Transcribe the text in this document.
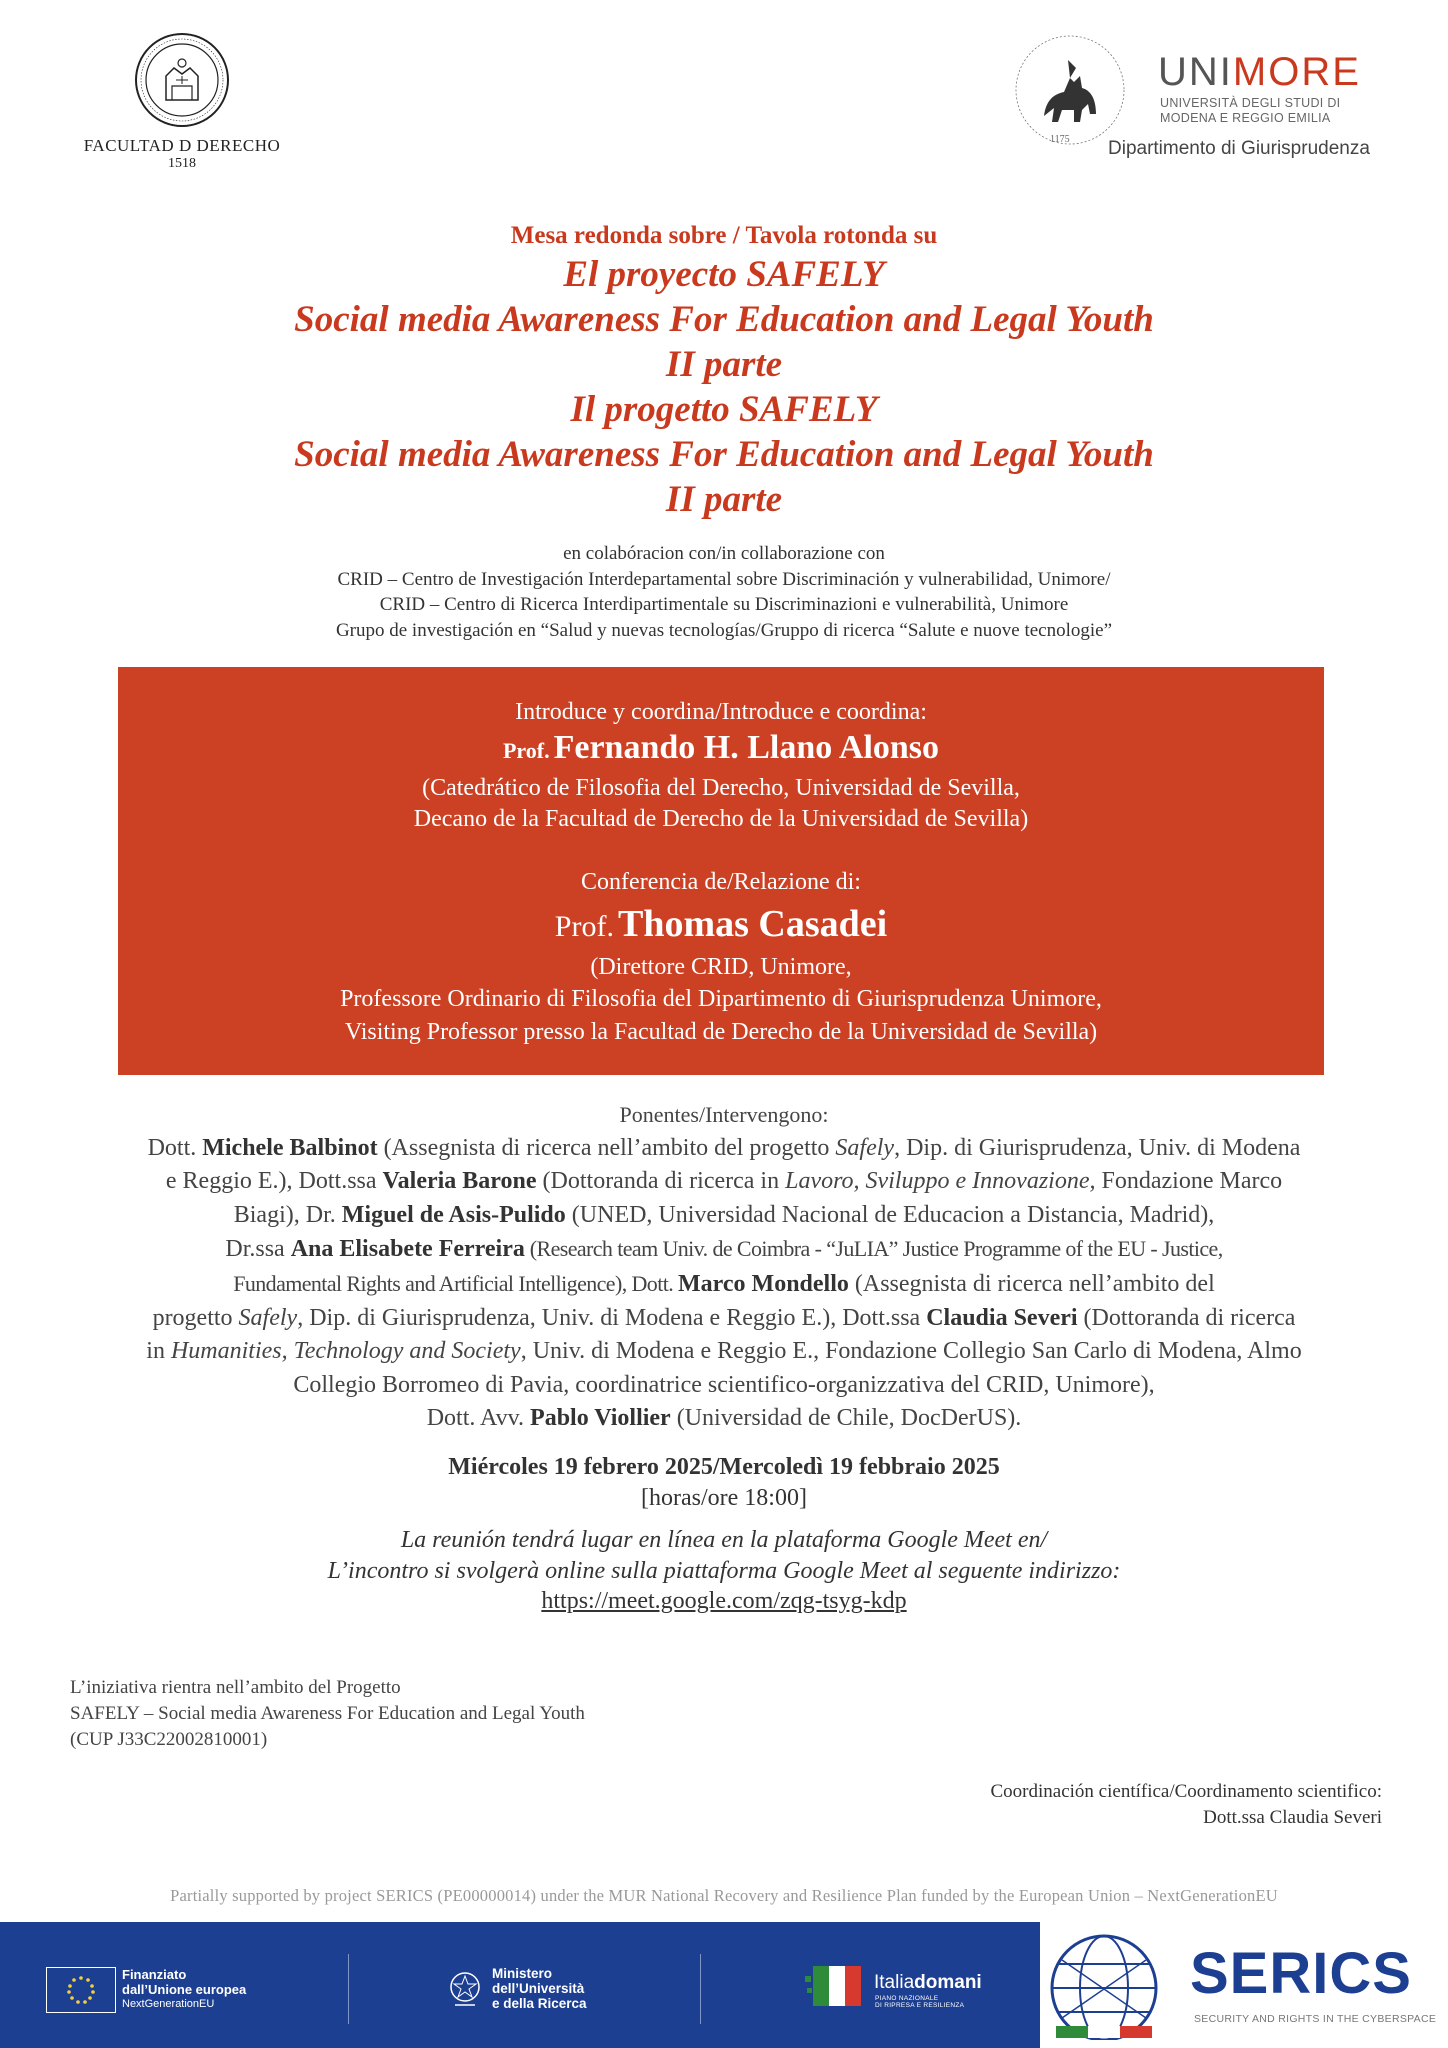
FACULTAD D DERECHO
1518
1175
UNIMORE
UNIVERSITÀ DEGLI STUDI DI
MODENA E REGGIO EMILIA
Dipartimento di Giurisprudenza
Mesa redonda sobre / Tavola rotonda su
El proyecto SAFELY
Social media Awareness For Education and Legal Youth
II parte
Il progetto SAFELY
Social media Awareness For Education and Legal Youth
II parte
en colabóracion con/in collaborazione con
CRID – Centro de Investigación Interdepartamental sobre Discriminación y vulnerabilidad, Unimore/
CRID – Centro di Ricerca Interdipartimentale su Discriminazioni e vulnerabilità, Unimore
Grupo de investigación en “Salud y nuevas tecnologías/Gruppo di ricerca “Salute e nuove tecnologie”
Introduce y coordina/Introduce e coordina:
Prof. Fernando H. Llano Alonso
(Catedrático de Filosofia del Derecho, Universidad de Sevilla,
Decano de la Facultad de Derecho de la Universidad de Sevilla)
Conferencia de/Relazione di:
Prof. Thomas Casadei
(Direttore CRID, Unimore,
Professore Ordinario di Filosofia del Dipartimento di Giurisprudenza Unimore,
Visiting Professor presso la Facultad de Derecho de la Universidad de Sevilla)
Ponentes/Intervengono:
Dott. Michele Balbinot (Assegnista di ricerca nell’ambito del progetto Safely, Dip. di Giurisprudenza, Univ. di Modena
e Reggio E.), Dott.ssa Valeria Barone (Dottoranda di ricerca in Lavoro, Sviluppo e Innovazione, Fondazione Marco
Biagi), Dr. Miguel de Asis-Pulido (UNED, Universidad Nacional de Educacion a Distancia, Madrid),
Dr.ssa Ana Elisabete Ferreira (Research team Univ. de Coimbra - “JuLIA” Justice Programme of the EU - Justice,
Fundamental Rights and Artificial Intelligence), Dott. Marco Mondello (Assegnista di ricerca nell’ambito del
progetto Safely, Dip. di Giurisprudenza, Univ. di Modena e Reggio E.), Dott.ssa Claudia Severi (Dottoranda di ricerca
in Humanities, Technology and Society, Univ. di Modena e Reggio E., Fondazione Collegio San Carlo di Modena, Almo
Collegio Borromeo di Pavia, coordinatrice scientifico-organizzativa del CRID, Unimore),
Dott. Avv. Pablo Viollier (Universidad de Chile, DocDerUS).
Miércoles 19 febrero 2025/Mercoledì 19 febbraio 2025
[horas/ore 18:00]
La reunión tendrá lugar en línea en la plataforma Google Meet en/
L’incontro si svolgerà online sulla piattaforma Google Meet al seguente indirizzo:
https://meet.google.com/zqg-tsyg-kdp
L’iniziativa rientra nell’ambito del Progetto
SAFELY – Social media Awareness For Education and Legal Youth
(CUP J33C22002810001)
Coordinación científica/Coordinamento scientifico:
Dott.ssa Claudia Severi
Partially supported by project SERICS (PE00000014) under the MUR National Recovery and Resilience Plan funded by the European Union – NextGenerationEU
Finanziato
dall’Unione europea
NextGenerationEU
Ministero
dell’Università
e della Ricerca
Italiadomani
PIANO NAZIONALE
DI RIPRESA E RESILIENZA	SERICS
SECURITY AND RIGHTS IN THE CYBERSPACE
